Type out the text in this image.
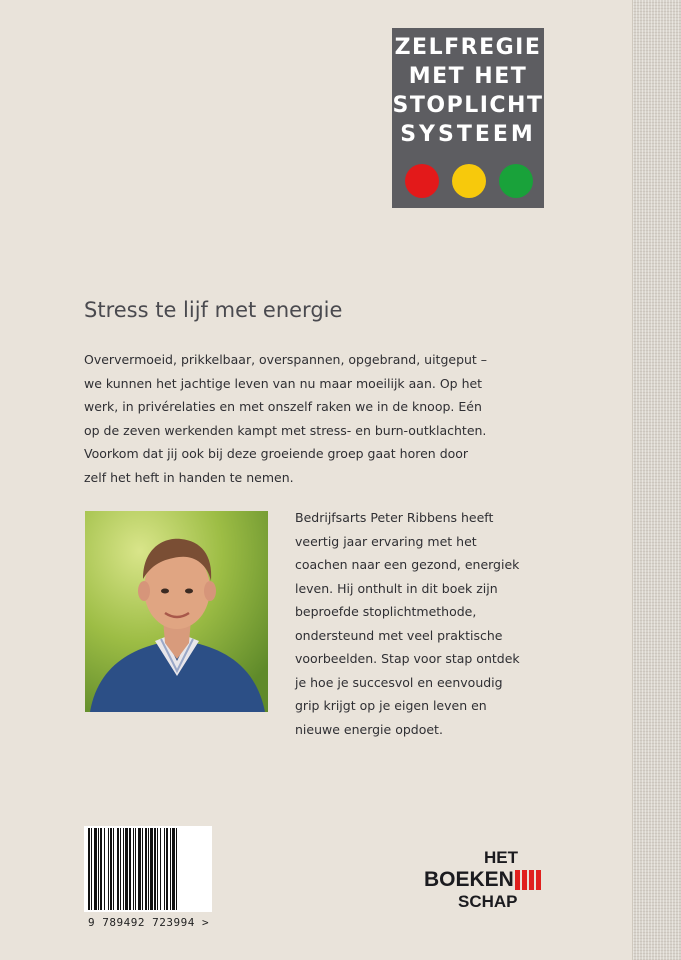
ZELFREGIE
MET HET
STOPLICHT
SYSTEEM
Stress te lijf met energie
Oververmoeid, prikkelbaar, overspannen, opgebrand, uitgeput –
we kunnen het jachtige leven van nu maar moeilijk aan. Op het
werk, in privérelaties en met onszelf raken we in de knoop. Eén
op de zeven werkenden kampt met stress- en burn-outklachten.
Voorkom dat jij ook bij deze groeiende groep gaat horen door
zelf het heft in handen te nemen.
Bedrijfsarts Peter Ribbens heeft
veertig jaar ervaring met het
coachen naar een gezond, energiek
leven. Hij onthult in dit boek zijn
beproefde stoplichtmethode,
ondersteund met veel praktische
voorbeelden. Stap voor stap ontdek
je hoe je succesvol en eenvoudig
grip krijgt op je eigen leven en
nieuwe energie opdoet.
9 789492 723994 >
HET
BOEKEN
SCHAP
